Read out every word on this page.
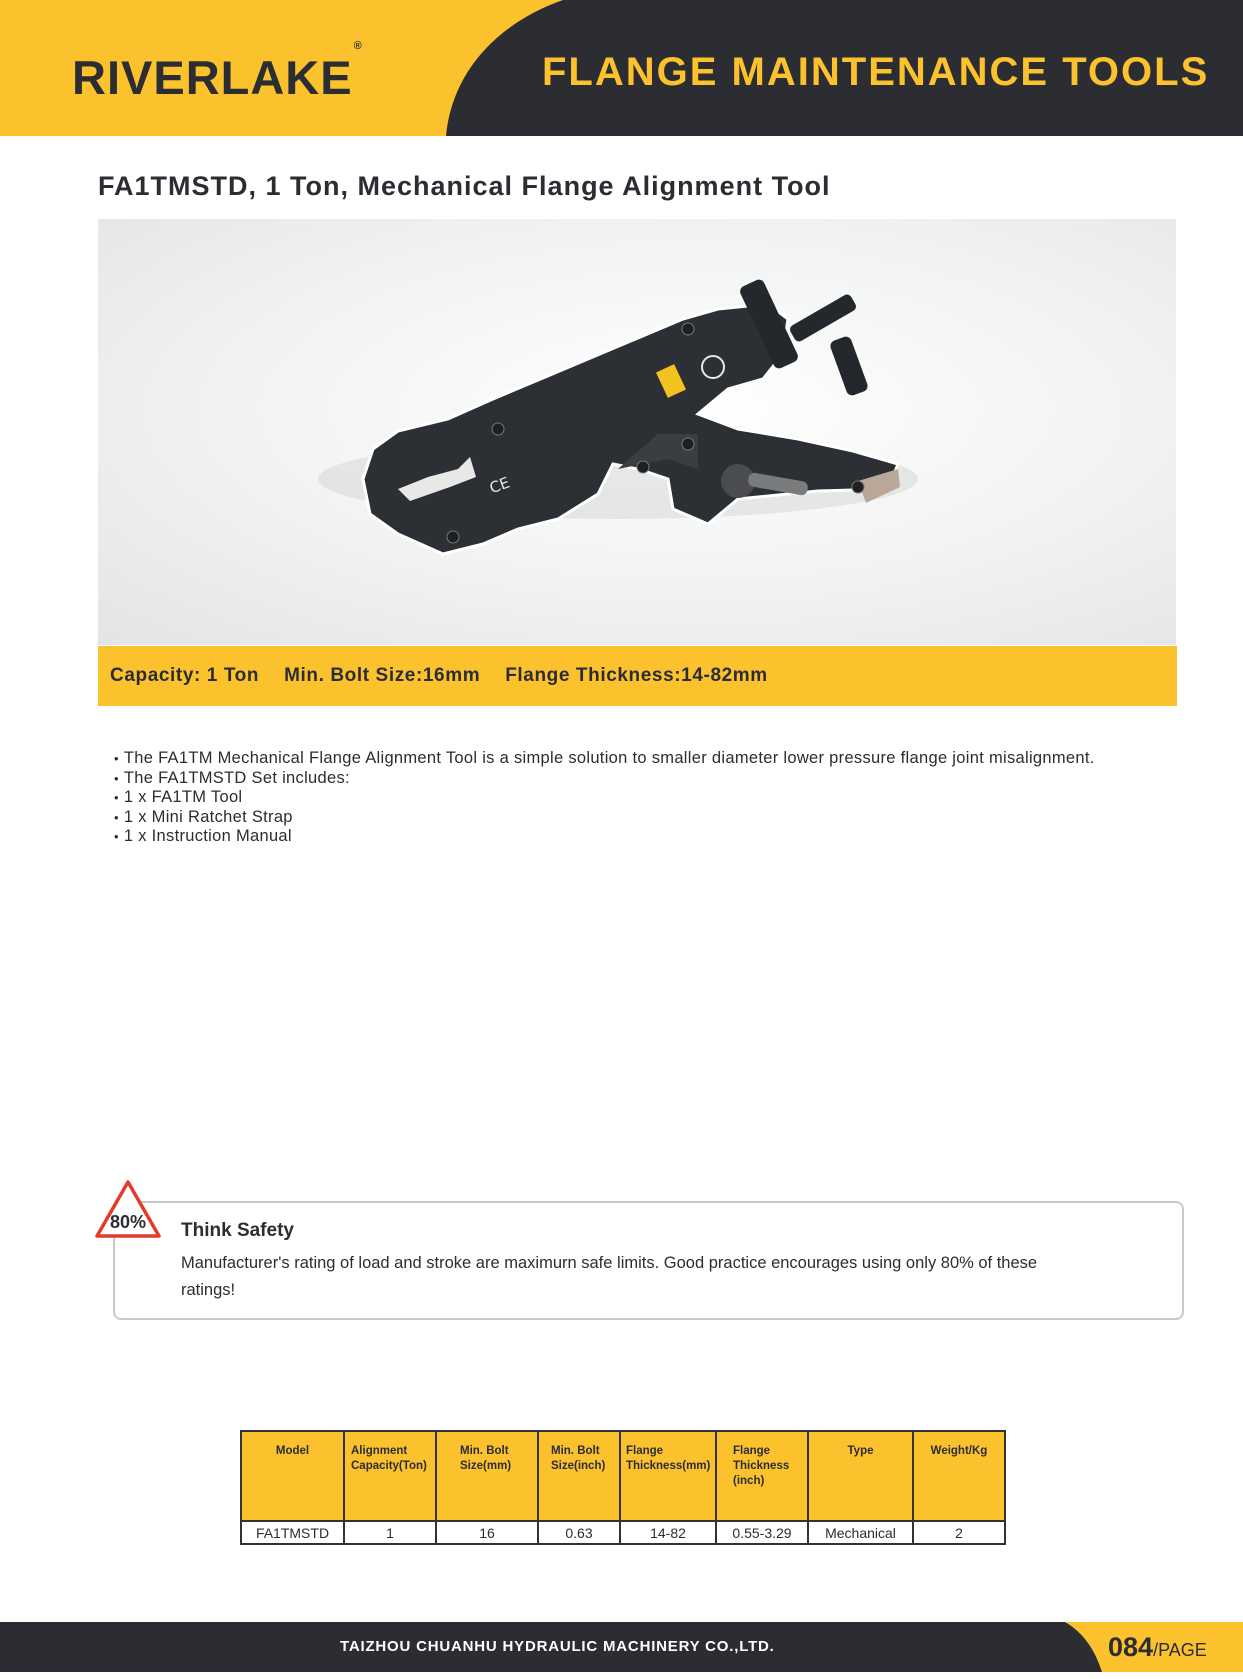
RIVERLAKE®
FLANGE MAINTENANCE TOOLS
FA1TMSTD, 1 Ton, Mechanical Flange Alignment Tool
CE
Capacity: 1 Ton Min. Bolt Size:16mm Flange Thickness:14-82mm
• The FA1TM Mechanical Flange Alignment Tool is a simple solution to smaller diameter lower pressure flange joint misalignment.
• The FA1TMSTD Set includes:
• 1 x FA1TM Tool
• 1 x Mini Ratchet Strap
• 1 x Instruction Manual
80% Think Safety

Manufacturer's rating of load and stroke are maximurn safe limits. Good practice encourages using only 80% of these ratings!

Model	Alignment Capacity(Ton)	Min. Bolt Size(mm)	Min. Bolt Size(inch)	Flange Thickness(mm)	Flange Thickness (inch)	Type	Weight/Kg
FA1TMSTD	1	16	0.63	14-82	0.55-3.29	Mechanical	2
TAIZHOU CHUANHU HYDRAULIC MACHINERY CO.,LTD.	084/PAGE
